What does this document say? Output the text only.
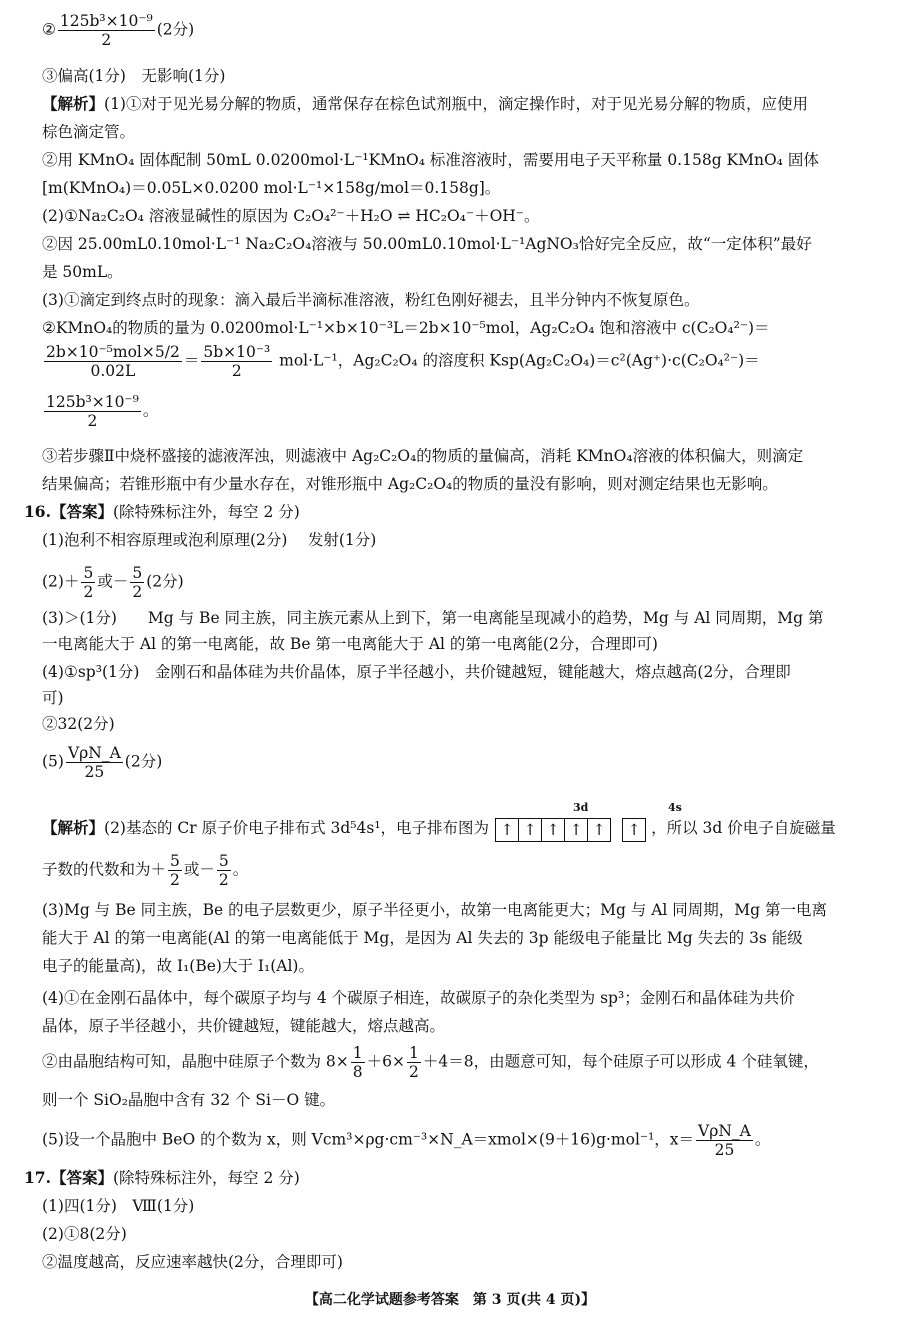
② $\frac{\text{125b³×10⁻⁹}}{2} (2$分)
③偏高(1分)　无影响(1分)
【解析】(1)①对于见光易分解的物质，通常保存在棕色试剂瓶中，滴定操作时，对于见光易分解的物质，应使用
棕色滴定管。
②用 KMnO₄ 固体配制 50mL 0.0200mol·L⁻¹KMnO₄ 标准溶液时，需要用电子天平称量 0.158g KMnO₄ 固体
[m(KMnO₄)＝0.05L×0.0200 mol·L⁻¹×158g/mol＝0.158g]。
(2)①Na₂C₂O₄ 溶液显碱性的原因为 C₂O₄²⁻＋H₂O ⇌ HC₂O₄⁻＋OH⁻。
②因 25.00mL0.10mol·L⁻¹ Na₂C₂O₄溶液与 50.00mL0.10mol·L⁻¹AgNO₃恰好完全反应，故“一定体积”最好
是 50mL。
(3)①滴定到终点时的现象：滴入最后半滴标准溶液，粉红色刚好褪去，且半分钟内不恢复原色。
②KMnO₄的物质的量为 0.0200mol·L⁻¹×b×10⁻³L＝2b×10⁻⁵mol，Ag₂C₂O₄ 饱和溶液中 c(C₂O₄²⁻)＝
$\frac{\text{2b×10⁻⁵mol×5/2}}{0.02L} = \frac{\text{5b×10⁻³}}{2} mol\cdot L^{-1}$，Ag₂C₂O₄ 的溶度积 Ksp(Ag₂C₂O₄)＝c²(Ag⁺)·c(C₂O₄²⁻)＝
$\frac{\text{125b³×10⁻⁹}}{2}$ 。
③若步骤Ⅱ中烧杯盛接的滤液浑浊，则滤液中 Ag₂C₂O₄的物质的量偏高，消耗 KMnO₄溶液的体积偏大，则滴定
结果偏高；若锥形瓶中有少量水存在，对锥形瓶中 Ag₂C₂O₄的物质的量没有影响，则对测定结果也无影响。
16.【答案】(除特殊标注外，每空 2 分)
(1)泡利不相容原理或泡利原理(2分)　 发射(1分)
$(2)+ \frac{5}{2}$ 或－ $\frac{5}{2} (2$分)
(3)＞(1分)　　Mg 与 Be 同主族，同主族元素从上到下，第一电离能呈现减小的趋势，Mg 与 Al 同周期，Mg 第
一电离能大于 Al 的第一电离能，故 Be 第一电离能大于 Al 的第一电离能(2分，合理即可)
(4)①sp³(1分)　金刚石和晶体硅为共价晶体，原子半径越小，共价键越短，键能越大，熔点越高(2分，合理即
可)
②32(2分)
$(5) \frac{\text{VρN\_A}}{25} (2$分)
3d	4s
【解析】(2)基态的 Cr 原子价电子排布式 3d⁵4s¹，电子排布图为 ↑ ↑ ↑ ↑ ↑ ↑ ，所以 3d 价电子自旋磁量
子数的代数和为＋ $\frac{5}{2}$ 或－ $\frac{5}{2}$ 。
(3)Mg 与 Be 同主族，Be 的电子层数更少，原子半径更小，故第一电离能更大；Mg 与 Al 同周期，Mg 第一电离
能大于 Al 的第一电离能(Al 的第一电离能低于 Mg，是因为 Al 失去的 3p 能级电子能量比 Mg 失去的 3s 能级
电子的能量高)，故 I₁(Be)大于 I₁(Al)。
(4)①在金刚石晶体中，每个碳原子均与 4 个碳原子相连，故碳原子的杂化类型为 sp³；金刚石和晶体硅为共价
晶体，原子半径越小，共价键越短，键能越大，熔点越高。
②由晶胞结构可知，晶胞中硅原子个数为 $8\times \frac{1}{8} +6\times \frac{1}{2} +4=8$，由题意可知，每个硅原子可以形成 4 个硅氧键，
则一个 SiO₂晶胞中含有 32 个 Si－O 键。
(5)设一个晶胞中 BeO 的个数为 x，则 Vcm³×ρg·cm⁻³×N_A＝xmol×(9＋16)g·mol⁻¹，$x= \frac{\text{VρN\_A}}{25}$ 。
17.【答案】(除特殊标注外，每空 2 分)
(1)四(1分)　Ⅷ(1分)
(2)①8(2分)
②温度越高，反应速率越快(2分，合理即可)
【高二化学试题参考答案　第 3 页(共 4 页)】
